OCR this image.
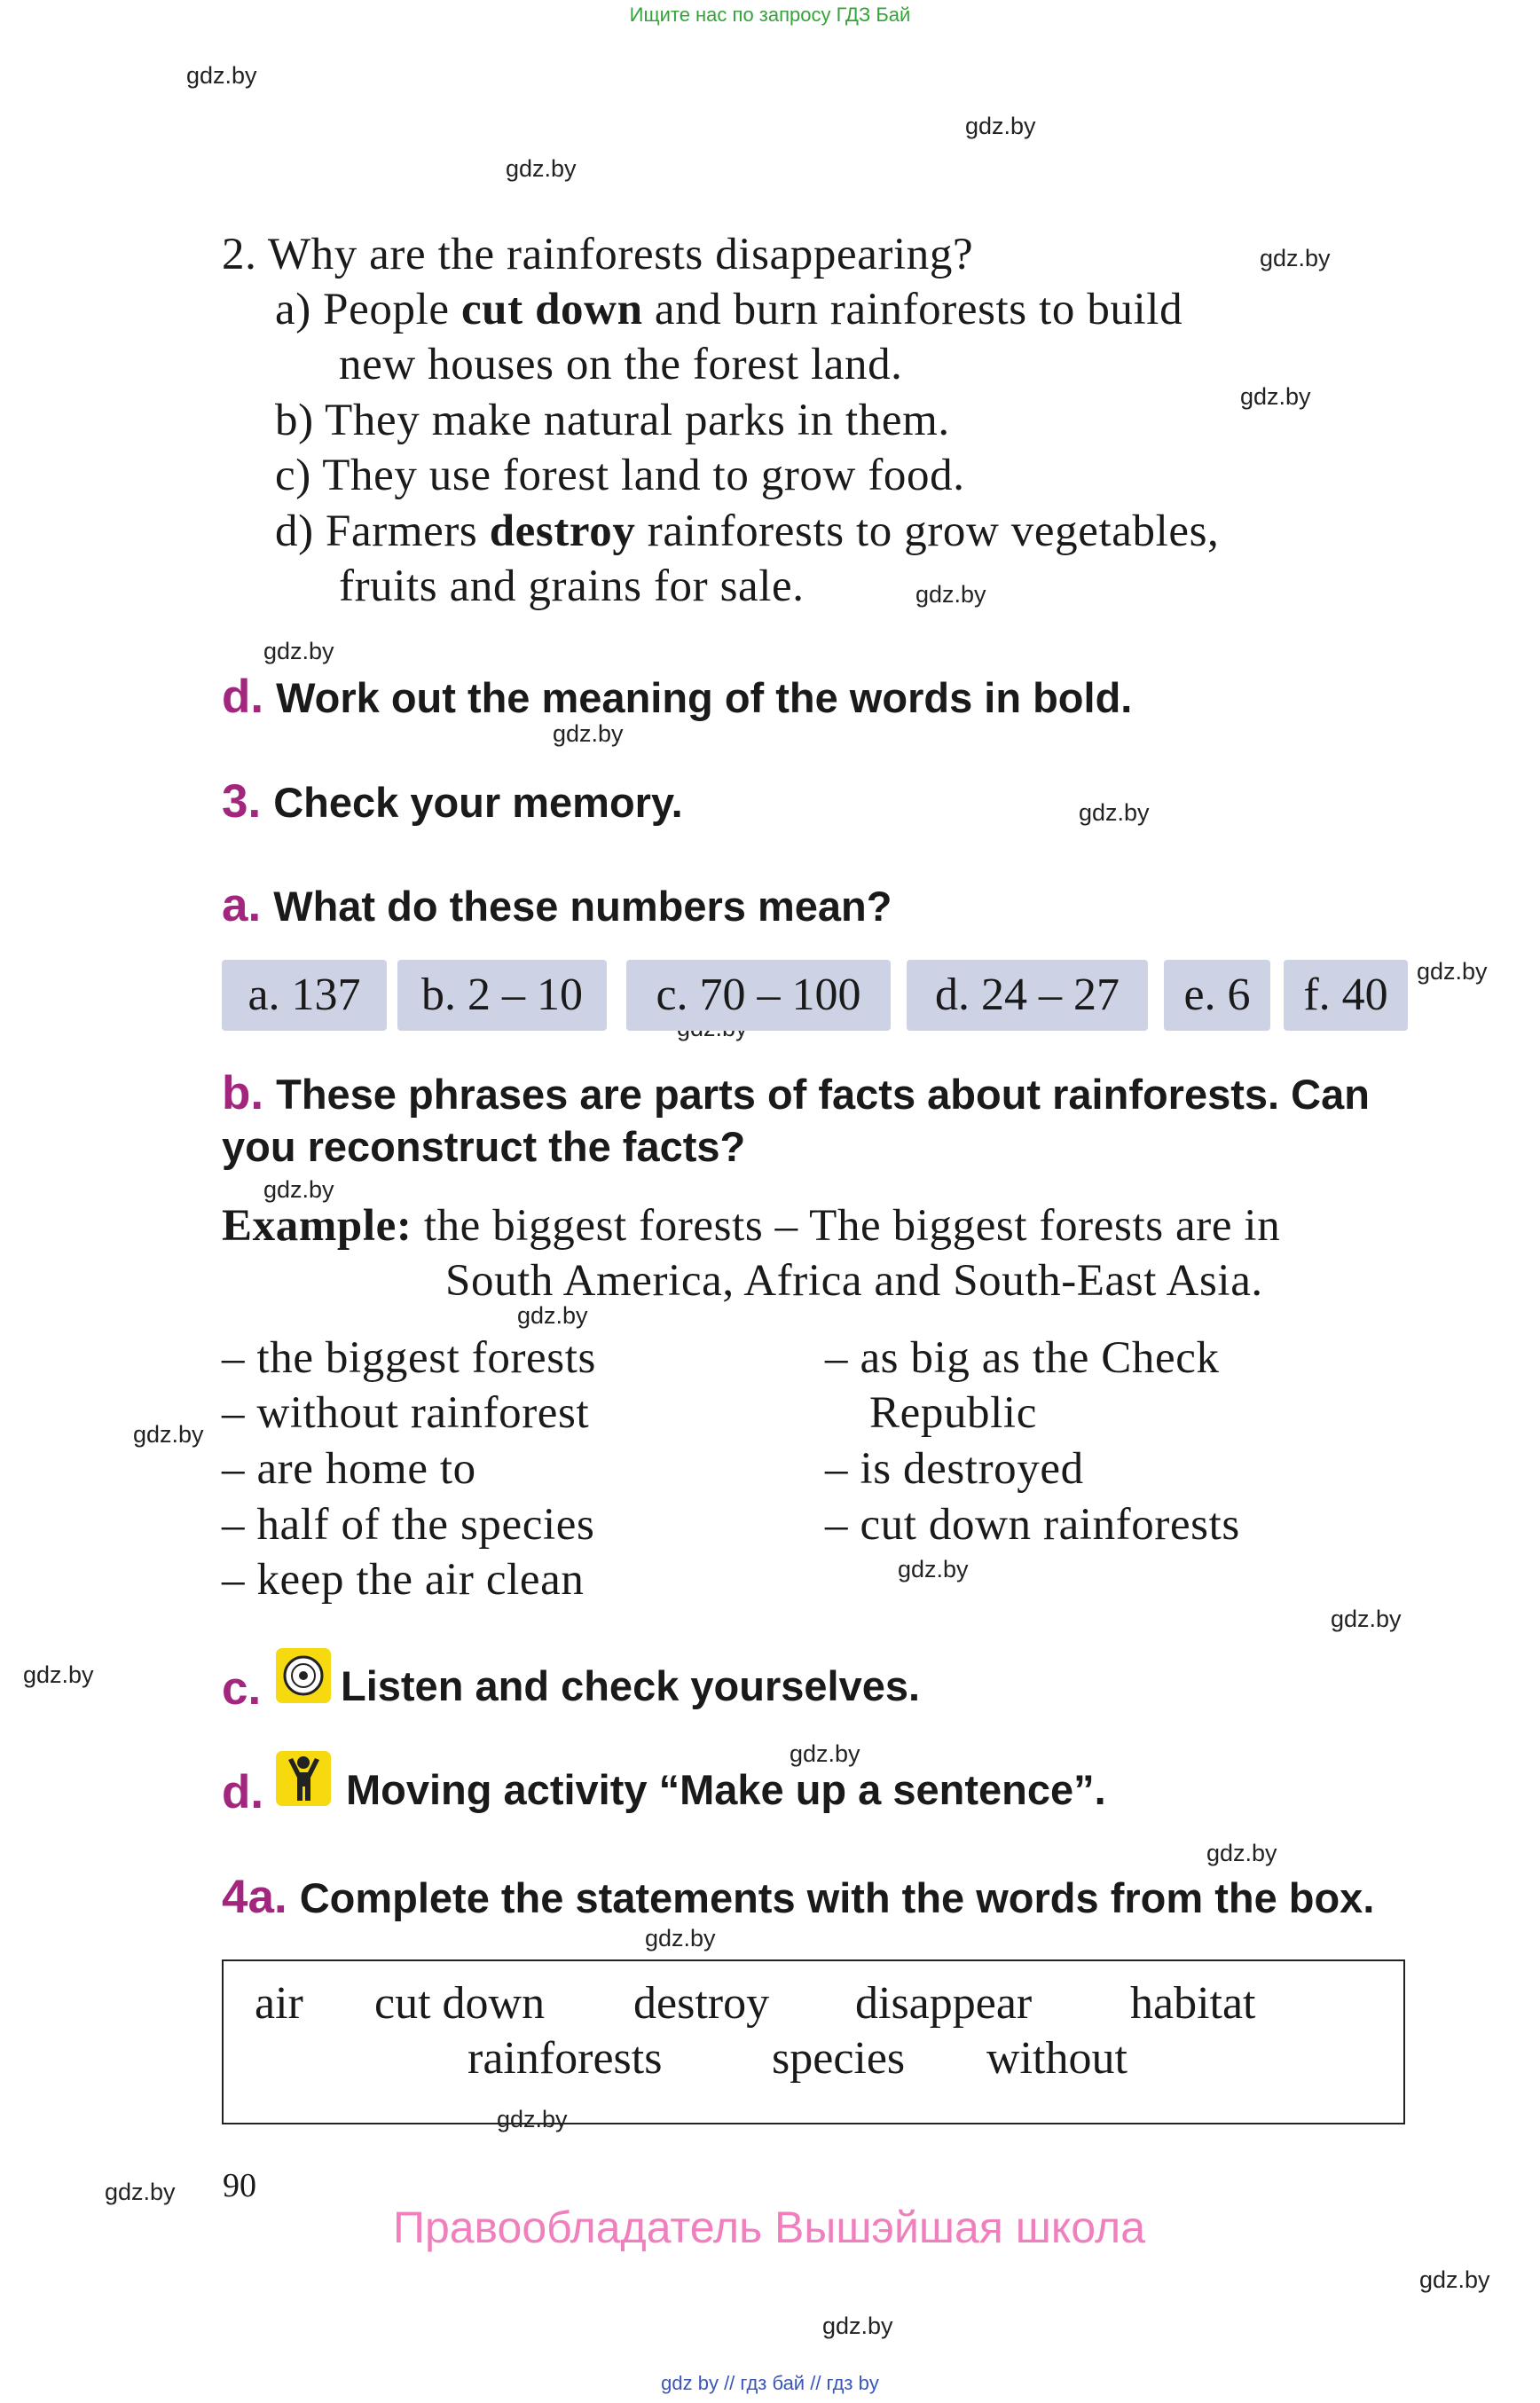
Ищите нас по запросу ГДЗ Бай
gdz.by
gdz.by
gdz.by
gdz.by
gdz.by
gdz.by
gdz.by
gdz.by
gdz.by
gdz.by
gdz.by
gdz.by
gdz.by
gdz.by
gdz.by
gdz.by
gdz.by
gdz.by
gdz.by
gdz.by
gdz.by
gdz.by
gdz.by
2. Why are the rainforests disappearing?
a) People cut down and burn rainforests to build
new houses on the forest land.
b) They make natural parks in them.
c) They use forest land to grow food.
d) Farmers destroy rainforests to grow vegetables,
fruits and grains for sale.
d. Work out the meaning of the words in bold.
3. Check your memory.
a. What do these numbers mean?
a. 137	b. 2 – 10	c. 70 – 100	d. 24 – 27	e. 6	f. 40
b. These phrases are parts of facts about rainforests. Can
you reconstruct the facts?
Example: the biggest forests – The biggest forests are in
South America, Africa and South-East Asia.
– the biggest forests
– without rainforest
– are home to
– half of the species
– keep the air clean
– as big as the Check
Republic
– is destroyed
– cut down rainforests
c. Listen and check yourselves.
d. Moving activity “Make up a sentence”.
4a. Complete the statements with the words from the box.
air cut down destroy disappear habitat
rainforests species without
90
Правообладатель Вышэйшая школа
gdz by // гдз бай // гдз by
